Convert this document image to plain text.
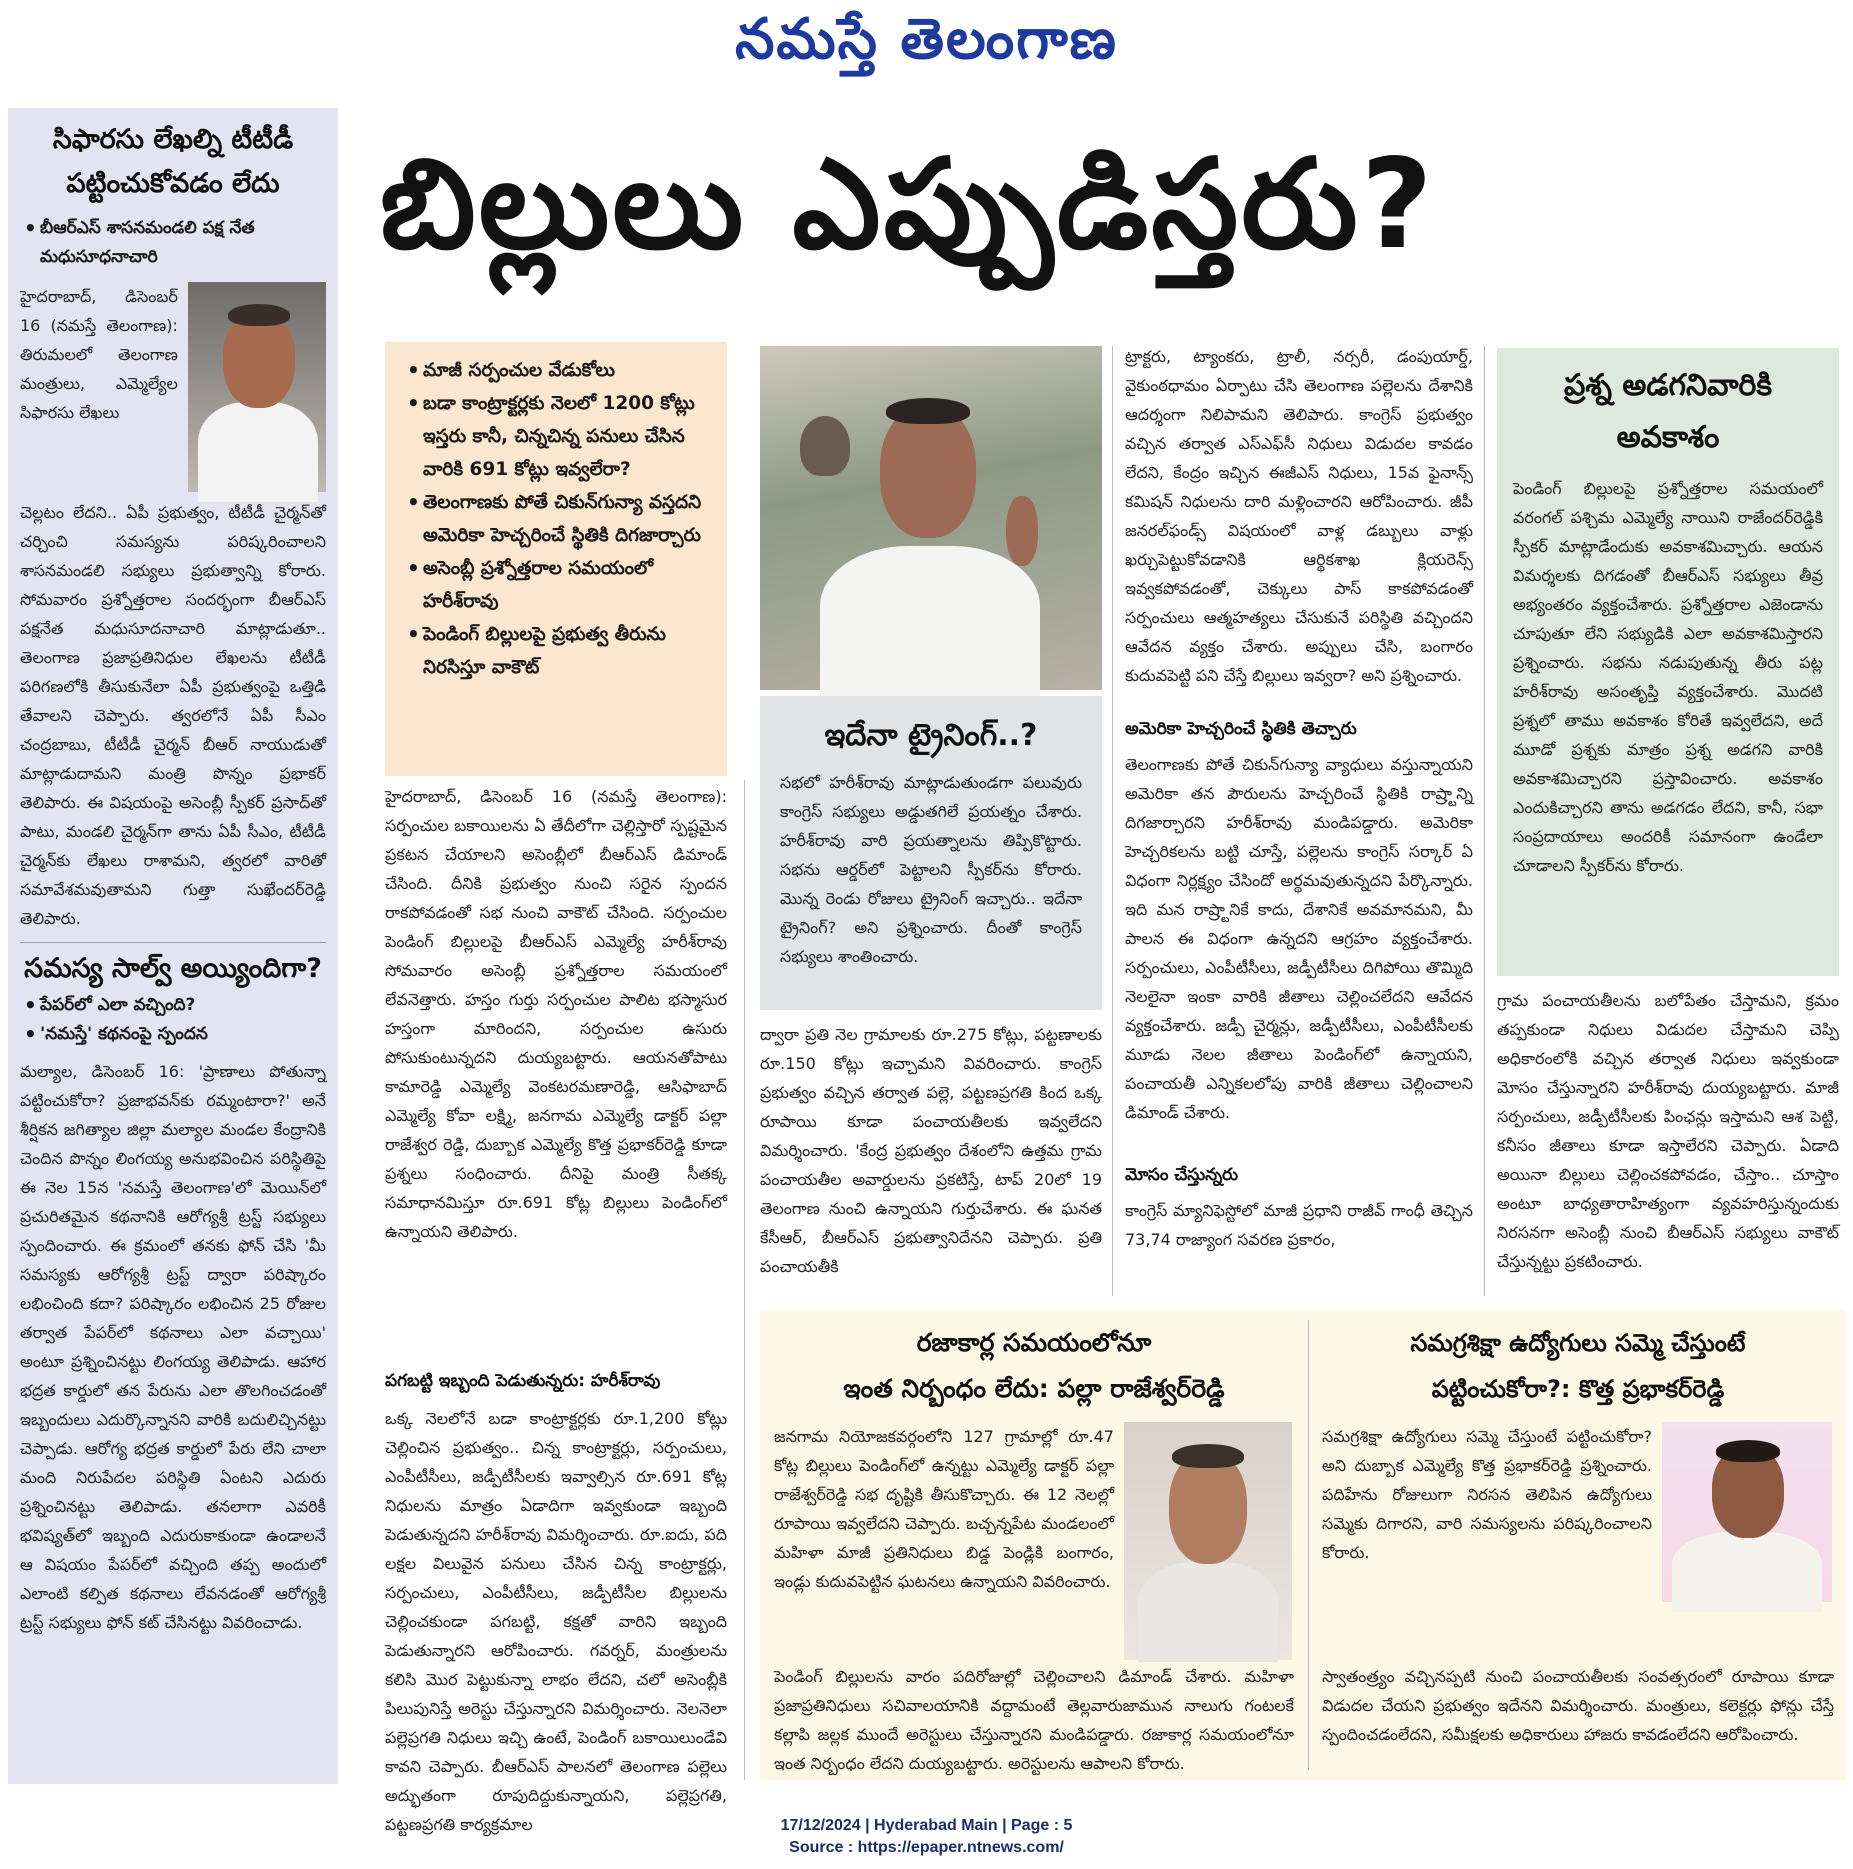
నమస్తే తెలంగాణ
బిల్లులు ఎప్పుడిస్తరు?
సిఫారసు లేఖల్ని టీటీడీ పట్టించుకోవడం లేదు
• బీఆర్ఎస్ శాసనమండలి పక్ష నేత మధుసూధనాచారి
హైదరాబాద్, డిసెంబర్ 16 (నమస్తే తెలంగాణ): తిరుమలలో తెలంగాణ మంత్రులు, ఎమ్మెల్యేల సిఫారసు లేఖలు
చెల్లటం లేదని.. ఏపీ ప్రభుత్వం, టీటీడీ చైర్మన్‌తో చర్చించి సమస్యను పరిష్కరించాలని శాసనమండలి సభ్యులు ప్రభుత్వాన్ని కోరారు. సోమవారం ప్రశ్నోత్తరాల సందర్భంగా బీఆర్ఎస్ పక్షనేత మధుసూదనాచారి మాట్లాడుతూ.. తెలంగాణ ప్రజాప్రతినిధుల లేఖలను టీటీడీ పరిగణలోకి తీసుకునేలా ఏపీ ప్రభుత్వంపై ఒత్తిడి తేవాలని చెప్పారు. త్వరలోనే ఏపీ సీఎం చంద్రబాబు, టీటీడీ చైర్మన్ బీఆర్ నాయుడుతో మాట్లాడుదామని మంత్రి పొన్నం ప్రభాకర్ తెలిపారు. ఈ విషయంపై అసెంబ్లీ స్పీకర్ ప్రసాద్‌తో పాటు, మండలి చైర్మన్‌గా తాను ఏపీ సీఎం, టీటీడీ చైర్మన్‌కు లేఖలు రాశామని, త్వరలో వారితో సమావేశమవుతామని గుత్తా సుఖేందర్‌రెడ్డి తెలిపారు.
సమస్య సాల్వ్ అయ్యిందిగా?
• పేపర్‌లో ఎలా వచ్చింది?
• 'నమస్తే' కథనంపై స్పందన
మల్యాల, డిసెంబర్ 16: 'ప్రాణాలు పోతున్నా పట్టించుకోరా? ప్రజాభవన్‌కు రమ్మంటారా?' అనే శీర్షికన జగిత్యాల జిల్లా మల్యాల మండల కేంద్రానికి చెందిన పొన్నం లింగయ్య అనుభవించిన పరిస్థితిపై ఈ నెల 15న 'నమస్తే తెలంగాణ'లో మెయిన్‌లో ప్రచురితమైన కథనానికి ఆరోగ్యశ్రీ ట్రస్ట్ సభ్యులు స్పందించారు. ఈ క్రమంలో తనకు ఫోన్ చేసి 'మీ సమస్యకు ఆరోగ్యశ్రీ ట్రస్ట్ ద్వారా పరిష్కారం లభించింది కదా? పరిష్కారం లభించిన 25 రోజుల తర్వాత పేపర్‌లో కథనాలు ఎలా వచ్చాయి' అంటూ ప్రశ్నించినట్టు లింగయ్య తెలిపాడు. ఆహార భద్రత కార్డులో తన పేరును ఎలా తొలగించడంతో ఇబ్బందులు ఎదుర్కొన్నానని వారికి బదులిచ్చినట్టు చెప్పాడు. ఆరోగ్య భద్రత కార్డులో పేరు లేని చాలా మంది నిరుపేదల పరిస్థితి ఏంటని ఎదురు ప్రశ్నించినట్టు తెలిపాడు. తనలాగా ఎవరికీ భవిష్యత్‌లో ఇబ్బంది ఎదురుకాకుండా ఉండాలనే ఆ విషయం పేపర్‌లో వచ్చింది తప్ప అందులో ఎలాంటి కల్పిత కథనాలు లేవనడంతో ఆరోగ్యశ్రీ ట్రస్ట్ సభ్యులు ఫోన్ కట్ చేసినట్టు వివరించాడు.
• మాజీ సర్పంచుల వేడుకోలు
• బడా కాంట్రాక్టర్లకు నెలలో 1200 కోట్లు ఇస్తరు కానీ, చిన్నచిన్న పనులు చేసిన వారికి 691 కోట్లు ఇవ్వలేరా?
• తెలంగాణకు పోతే చికున్‌గున్యా వస్తదని అమెరికా హెచ్చరించే స్థితికి దిగజార్చారు
• అసెంబ్లీ ప్రశ్నోత్తరాల సమయంలో హరీశ్‌రావు
• పెండింగ్ బిల్లులపై ప్రభుత్వ తీరును నిరసిస్తూ వాకౌట్
ఇదేనా ట్రైనింగ్..?
సభలో హరీశ్‌రావు మాట్లాడుతుండగా పలువురు కాంగ్రెస్ సభ్యులు అడ్డుతగిలే ప్రయత్నం చేశారు. హరీశ్‌రావు వారి ప్రయత్నాలను తిప్పికొట్టారు. సభను ఆర్డర్‌లో పెట్టాలని స్పీకర్‌ను కోరారు. మొన్న రెండు రోజులు ట్రైనింగ్ ఇచ్చారు.. ఇదేనా ట్రైనింగ్? అని ప్రశ్నించారు. దీంతో కాంగ్రెస్ సభ్యులు శాంతించారు.
హైదరాబాద్, డిసెంబర్ 16 (నమస్తే తెలంగాణ): సర్పంచుల బకాయిలను ఏ తేదీలోగా చెల్లిస్తారో స్పష్టమైన ప్రకటన చేయాలని అసెంబ్లీలో బీఆర్ఎస్ డిమాండ్ చేసింది. దీనికి ప్రభుత్వం నుంచి సరైన స్పందన రాకపోవడంతో సభ నుంచి వాకౌట్ చేసింది. సర్పంచుల పెండింగ్ బిల్లులపై బీఆర్ఎస్ ఎమ్మెల్యే హరీశ్‌రావు సోమవారం అసెంబ్లీ ప్రశ్నోత్తరాల సమయంలో లేవనెత్తారు. హస్తం గుర్తు సర్పంచుల పాలిట భస్మాసుర హస్తంగా మారిందని, సర్పంచుల ఉసురు పోసుకుంటున్నదని దుయ్యబట్టారు. ఆయనతోపాటు కామారెడ్డి ఎమ్మెల్యే వెంకటరమణారెడ్డి, ఆసిఫాబాద్ ఎమ్మెల్యే కోవా లక్ష్మి, జనగామ ఎమ్మెల్యే డాక్టర్ పల్లా రాజేశ్వర రెడ్డి, దుబ్బాక ఎమ్మెల్యే కొత్త ప్రభాకర్‌రెడ్డి కూడా ప్రశ్నలు సంధించారు. దీనిపై మంత్రి సీతక్క సమాధానమిస్తూ రూ.691 కోట్ల బిల్లులు పెండింగ్‌లో ఉన్నాయని తెలిపారు.
పగబట్టి ఇబ్బంది పెడుతున్నరు: హరీశ్‌రావు
ఒక్క నెలలోనే బడా కాంట్రాక్టర్లకు రూ.1,200 కోట్లు చెల్లించిన ప్రభుత్వం.. చిన్న కాంట్రాక్టర్లు, సర్పంచులు, ఎంపీటీసీలు, జడ్పీటీసీలకు ఇవ్వాల్సిన రూ.691 కోట్ల నిధులను మాత్రం ఏడాదిగా ఇవ్వకుండా ఇబ్బంది పెడుతున్నదని హరీశ్‌రావు విమర్శించారు. రూ.ఐదు, పది లక్షల విలువైన పనులు చేసిన చిన్న కాంట్రాక్టర్లు, సర్పంచులు, ఎంపీటీసీలు, జడ్పీటీసీల బిల్లులను చెల్లించకుండా పగబట్టి, కక్షతో వారిని ఇబ్బంది పెడుతున్నారని ఆరోపించారు. గవర్నర్, మంత్రులను కలిసి మొర పెట్టుకున్నా లాభం లేదని, చలో అసెంబ్లీకి పిలుపునిస్తే అరెస్టు చేస్తున్నారని విమర్శించారు. నెలనెలా పల్లెప్రగతి నిధులు ఇచ్చి ఉంటే, పెండింగ్ బకాయిలుండేవి కావని చెప్పారు. బీఆర్ఎస్ పాలనలో తెలంగాణ పల్లెలు అద్భుతంగా రూపుదిద్దుకున్నాయని, పల్లెప్రగతి, పట్టణప్రగతి కార్యక్రమాల
ద్వారా ప్రతి నెల గ్రామాలకు రూ.275 కోట్లు, పట్టణాలకు రూ.150 కోట్లు ఇచ్చామని వివరించారు. కాంగ్రెస్ ప్రభుత్వం వచ్చిన తర్వాత పల్లె, పట్టణప్రగతి కింద ఒక్క రూపాయి కూడా పంచాయతీలకు ఇవ్వలేదని విమర్శించారు. 'కేంద్ర ప్రభుత్వం దేశంలోని ఉత్తమ గ్రామ పంచాయతీల అవార్డులను ప్రకటిస్తే, టాప్ 20లో 19 తెలంగాణ నుంచి ఉన్నాయని గుర్తుచేశారు. ఈ ఘనత కేసీఆర్, బీఆర్ఎస్ ప్రభుత్వానిదేనని చెప్పారు. ప్రతి పంచాయతీకి
ట్రాక్టరు, ట్యాంకరు, ట్రాలీ, నర్సరీ, డంపుయార్డ్, వైకుంఠధామం ఏర్పాటు చేసి తెలంగాణ పల్లెలను దేశానికి ఆదర్శంగా నిలిపామని తెలిపారు. కాంగ్రెస్ ప్రభుత్వం వచ్చిన తర్వాత ఎస్ఎఫ్‌సీ నిధులు విడుదల కావడం లేదని, కేంద్రం ఇచ్చిన ఈజీఎస్ నిధులు, 15వ ఫైనాన్స్ కమిషన్ నిధులను దారి మళ్లించారని ఆరోపించారు. జీపీ జనరల్‌ఫండ్స్ విషయంలో వాళ్ల డబ్బులు వాళ్లు ఖర్చుపెట్టుకోవడానికి ఆర్థికశాఖ క్లియరెన్స్ ఇవ్వకపోవడంతో, చెక్కులు పాస్ కాకపోవడంతో సర్పంచులు ఆత్మహత్యలు చేసుకునే పరిస్థితి వచ్చిందని ఆవేదన వ్యక్తం చేశారు. అప్పులు చేసి, బంగారం కుదువపెట్టి పని చేస్తే బిల్లులు ఇవ్వరా? అని ప్రశ్నించారు.
అమెరికా హెచ్చరించే స్థితికి తెచ్చారు
తెలంగాణకు పోతే చికున్‌గున్యా వ్యాధులు వస్తున్నాయని అమెరికా తన పౌరులను హెచ్చరించే స్థితికి రాష్ర్టాన్ని దిగజార్చారని హరీశ్‌రావు మండిపడ్డారు. అమెరికా హెచ్చరికలను బట్టి చూస్తే, పల్లెలను కాంగ్రెస్ సర్కార్ ఏ విధంగా నిర్లక్ష్యం చేసిందో అర్థమవుతున్నదని పేర్కొన్నారు. ఇది మన రాష్ర్టానికే కాదు, దేశానికే అవమానమని, మీ పాలన ఈ విధంగా ఉన్నదని ఆగ్రహం వ్యక్తంచేశారు. సర్పంచులు, ఎంపీటీసీలు, జడ్పీటీసీలు దిగిపోయి తొమ్మిది నెలలైనా ఇంకా వారికి జీతాలు చెల్లించలేదని ఆవేదన వ్యక్తంచేశారు. జడ్పీ చైర్మన్లు, జడ్పీటీసీలు, ఎంపీటీసీలకు మూడు నెలల జీతాలు పెండింగ్‌లో ఉన్నాయని, పంచాయతీ ఎన్నికలలోపు వారికి జీతాలు చెల్లించాలని డిమాండ్ చేశారు.
మోసం చేస్తున్నరు
కాంగ్రెస్ మ్యానిఫెస్టోలో మాజీ ప్రధాని రాజీవ్ గాంధీ తెచ్చిన 73,74 రాజ్యాంగ సవరణ ప్రకారం,
ప్రశ్న అడగనివారికి అవకాశం
పెండింగ్ బిల్లులపై ప్రశ్నోత్తరాల సమయంలో వరంగల్ పశ్చిమ ఎమ్మెల్యే నాయిని రాజేందర్‌రెడ్డికి స్పీకర్ మాట్లాడేందుకు అవకాశమిచ్చారు. ఆయన విమర్శలకు దిగడంతో బీఆర్ఎస్ సభ్యులు తీవ్ర అభ్యంతరం వ్యక్తంచేశారు. ప్రశ్నోత్తరాల ఎజెండాను చూపుతూ లేని సభ్యుడికి ఎలా అవకాశమిస్తారని ప్రశ్నించారు. సభను నడుపుతున్న తీరు పట్ల హరీశ్‌రావు అసంతృప్తి వ్యక్తంచేశారు. మొదటి ప్రశ్నలో తాము అవకాశం కోరితే ఇవ్వలేదని, అదే మూడో ప్రశ్నకు మాత్రం ప్రశ్న అడగని వారికి అవకాశమిచ్చారని ప్రస్తావించారు. అవకాశం ఎందుకిచ్చారని తాను అడగడం లేదని, కానీ, సభా సంప్రదాయాలు అందరికీ సమానంగా ఉండేలా చూడాలని స్పీకర్‌ను కోరారు.
గ్రామ పంచాయతీలను బలోపేతం చేస్తామని, క్రమం తప్పకుండా నిధులు విడుదల చేస్తామని చెప్పి అధికారంలోకి వచ్చిన తర్వాత నిధులు ఇవ్వకుండా మోసం చేస్తున్నారని హరీశ్‌రావు దుయ్యబట్టారు. మాజీ సర్పంచులు, జడ్పీటీసీలకు పింఛన్లు ఇస్తామని ఆశ పెట్టి, కనీసం జీతాలు కూడా ఇస్తాలేరని చెప్పారు. ఏడాది అయినా బిల్లులు చెల్లించకపోవడం, చేస్తాం.. చూస్తాం అంటూ బాధ్యతారాహిత్యంగా వ్యవహరిస్తున్నందుకు నిరసనగా అసెంబ్లీ నుంచి బీఆర్ఎస్ సభ్యులు వాకౌట్ చేస్తున్నట్టు ప్రకటించారు.
రజాకార్ల సమయంలోనూ
ఇంత నిర్బంధం లేదు: పల్లా రాజేశ్వర్‌రెడ్డి
జనగామ నియోజకవర్గంలోని 127 గ్రామాల్లో రూ.47 కోట్ల బిల్లులు పెండింగ్‌లో ఉన్నట్టు ఎమ్మెల్యే డాక్టర్ పల్లా రాజేశ్వర్‌రెడ్డి సభ దృష్టికి తీసుకొచ్చారు. ఈ 12 నెలల్లో రూపాయి ఇవ్వలేదని చెప్పారు. బచ్చన్నపేట మండలంలో మహిళా మాజీ ప్రతినిధులు బిడ్డ పెండ్లికి బంగారం, ఇండ్లు కుదువపెట్టిన ఘటనలు ఉన్నాయని వివరించారు.
పెండింగ్ బిల్లులను వారం పదిరోజుల్లో చెల్లించాలని డిమాండ్ చేశారు. మహిళా ప్రజాప్రతినిధులు సచివాలయానికి వద్దామంటే తెల్లవారుజామున నాలుగు గంటలకే కల్లాపి జల్లక ముందే అరెస్టులు చేస్తున్నారని మండిపడ్డారు. రజాకార్ల సమయంలోనూ ఇంత నిర్బంధం లేదని దుయ్యబట్టారు. అరెస్టులను ఆపాలని కోరారు.
సమగ్రశిక్షా ఉద్యోగులు సమ్మె చేస్తుంటే
పట్టించుకోరా?: కొత్త ప్రభాకర్‌రెడ్డి
సమగ్రశిక్షా ఉద్యోగులు సమ్మె చేస్తుంటే పట్టించుకోరా? అని దుబ్బాక ఎమ్మెల్యే కొత్త ప్రభాకర్‌రెడ్డి ప్రశ్నించారు. పదిహేను రోజులుగా నిరసన తెలిపిన ఉద్యోగులు సమ్మెకు దిగారని, వారి సమస్యలను పరిష్కరించాలని కోరారు.
స్వాతంత్ర్యం వచ్చినప్పటి నుంచి పంచాయతీలకు సంవత్సరంలో రూపాయి కూడా విడుదల చేయని ప్రభుత్వం ఇదేనని విమర్శించారు. మంత్రులు, కలెక్టర్లు ఫోన్లు చేస్తే స్పందించడంలేదని, సమీక్షలకు అధికారులు హాజరు కావడంలేదని ఆరోపించారు.
17/12/2024 | Hyderabad Main | Page : 5
Source : https://epaper.ntnews.com/
